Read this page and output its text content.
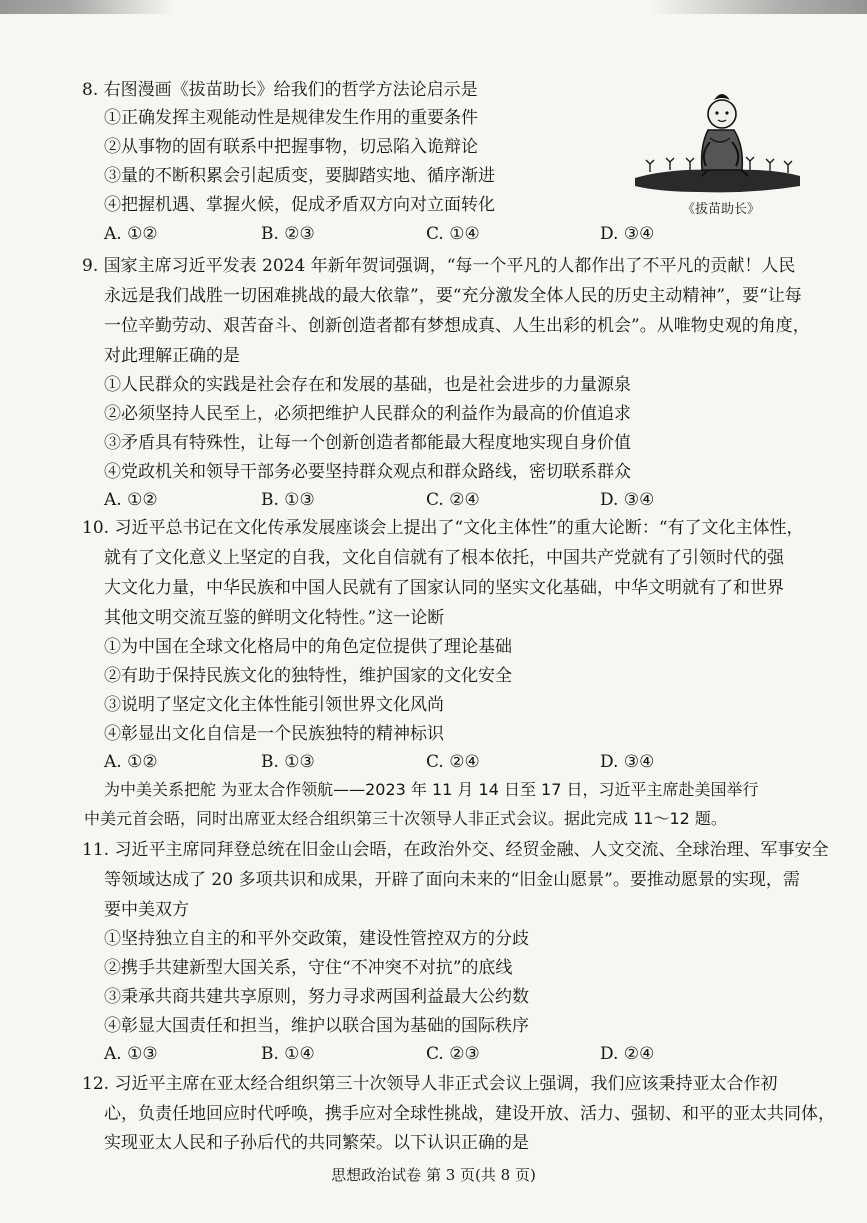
8. 右图漫画《拔苗助长》给我们的哲学方法论启示是
①正确发挥主观能动性是规律发生作用的重要条件
②从事物的固有联系中把握事物，切忌陷入诡辩论
③量的不断积累会引起质变，要脚踏实地、循序渐进
④把握机遇、掌握火候，促成矛盾双方向对立面转化
A. ①②	B. ②③	C. ①④	D. ③④
《拔苗助长》
9. 国家主席习近平发表 2024 年新年贺词强调，“每一个平凡的人都作出了不平凡的贡献！人民
永远是我们战胜一切困难挑战的最大依靠”，要“充分激发全体人民的历史主动精神”，要“让每
一位辛勤劳动、艰苦奋斗、创新创造者都有梦想成真、人生出彩的机会”。从唯物史观的角度，
对此理解正确的是
①人民群众的实践是社会存在和发展的基础，也是社会进步的力量源泉
②必须坚持人民至上，必须把维护人民群众的利益作为最高的价值追求
③矛盾具有特殊性，让每一个创新创造者都能最大程度地实现自身价值
④党政机关和领导干部务必要坚持群众观点和群众路线，密切联系群众
A. ①②	B. ①③	C. ②④	D. ③④
10. 习近平总书记在文化传承发展座谈会上提出了“文化主体性”的重大论断：“有了文化主体性，
就有了文化意义上坚定的自我，文化自信就有了根本依托，中国共产党就有了引领时代的强
大文化力量，中华民族和中国人民就有了国家认同的坚实文化基础，中华文明就有了和世界
其他文明交流互鉴的鲜明文化特性。”这一论断
①为中国在全球文化格局中的角色定位提供了理论基础
②有助于保持民族文化的独特性，维护国家的文化安全
③说明了坚定文化主体性能引领世界文化风尚
④彰显出文化自信是一个民族独特的精神标识
A. ①②	B. ①③	C. ②④	D. ③④
为中美关系把舵 为亚太合作领航——2023 年 11 月 14 日至 17 日，习近平主席赴美国举行
中美元首会晤，同时出席亚太经合组织第三十次领导人非正式会议。据此完成 11～12 题。
11. 习近平主席同拜登总统在旧金山会晤，在政治外交、经贸金融、人文交流、全球治理、军事安全
等领域达成了 20 多项共识和成果，开辟了面向未来的“旧金山愿景”。要推动愿景的实现，需
要中美双方
①坚持独立自主的和平外交政策，建设性管控双方的分歧
②携手共建新型大国关系，守住“不冲突不对抗”的底线
③秉承共商共建共享原则，努力寻求两国利益最大公约数
④彰显大国责任和担当，维护以联合国为基础的国际秩序
A. ①③	B. ①④	C. ②③	D. ②④
12. 习近平主席在亚太经合组织第三十次领导人非正式会议上强调，我们应该秉持亚太合作初
心，负责任地回应时代呼唤，携手应对全球性挑战，建设开放、活力、强韧、和平的亚太共同体，
实现亚太人民和子孙后代的共同繁荣。以下认识正确的是
思想政治试卷 第 3 页(共 8 页)
